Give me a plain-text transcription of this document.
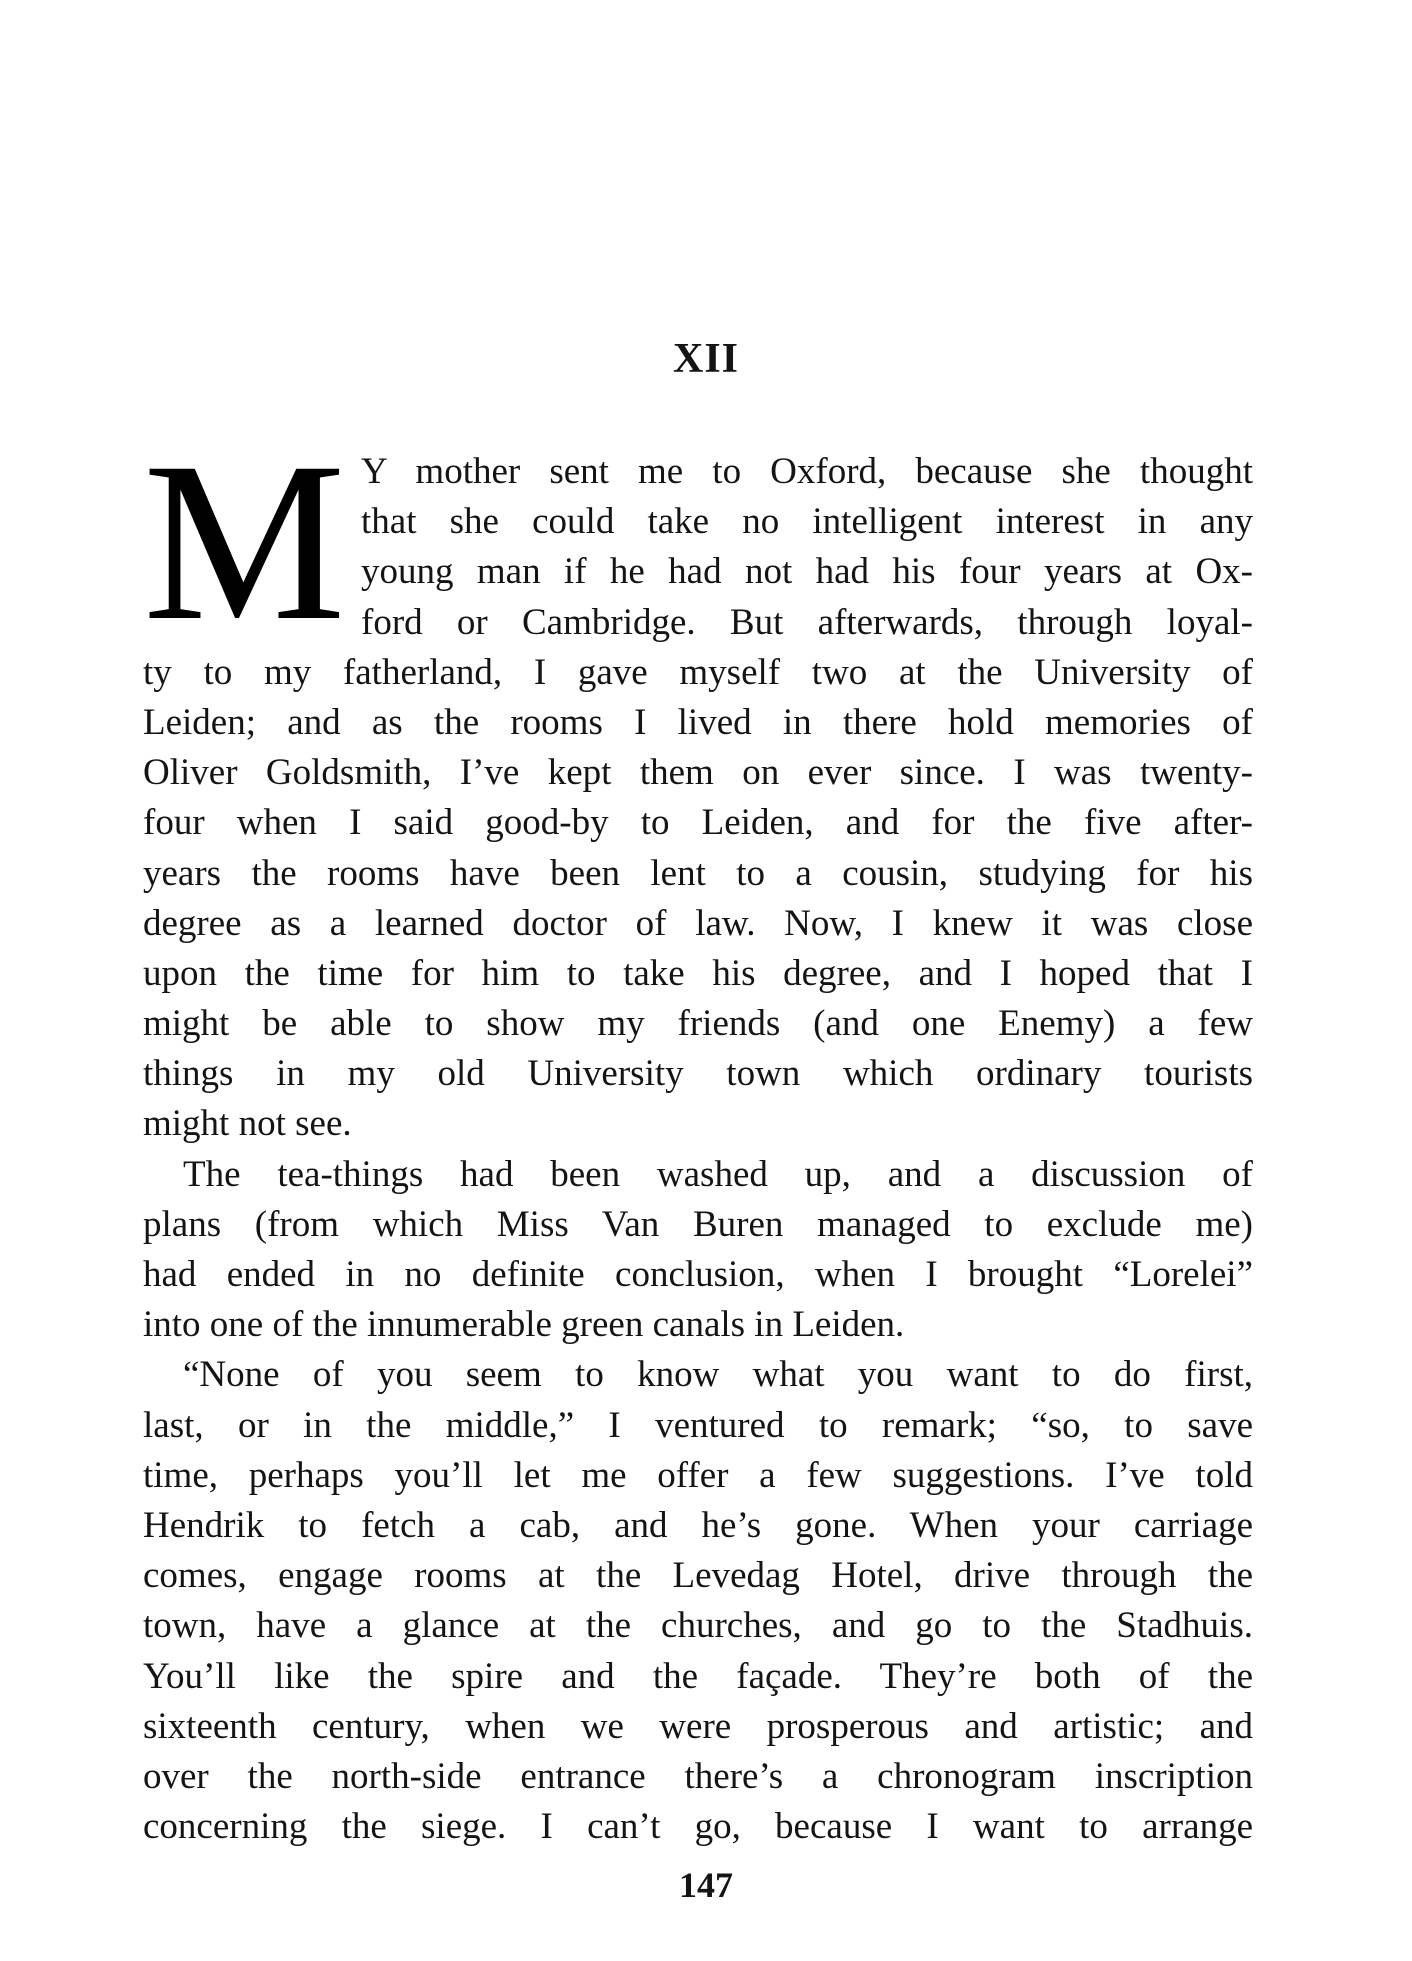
XII
M Y mother sent me to Oxford, because she thought
that she could take no intelligent interest in any
young man if he had not had his four years at Ox-
ford or Cambridge. But afterwards, through loyal-
ty to my fatherland, I gave myself two at the University of
Leiden; and as the rooms I lived in there hold memories of
Oliver Goldsmith, I’ve kept them on ever since. I was twenty-
four when I said good-by to Leiden, and for the five after-
years the rooms have been lent to a cousin, studying for his
degree as a learned doctor of law. Now, I knew it was close
upon the time for him to take his degree, and I hoped that I
might be able to show my friends (and one Enemy) a few
things in my old University town which ordinary tourists
might not see.
The tea-things had been washed up, and a discussion of
plans (from which Miss Van Buren managed to exclude me)
had ended in no definite conclusion, when I brought “Lorelei”
into one of the innumerable green canals in Leiden.
“None of you seem to know what you want to do first,
last, or in the middle,” I ventured to remark; “so, to save
time, perhaps you’ll let me offer a few suggestions. I’ve told
Hendrik to fetch a cab, and he’s gone. When your carriage
comes, engage rooms at the Levedag Hotel, drive through the
town, have a glance at the churches, and go to the Stadhuis.
You’ll like the spire and the façade. They’re both of the
sixteenth century, when we were prosperous and artistic; and
over the north-side entrance there’s a chronogram inscription
concerning the siege. I can’t go, because I want to arrange
147
